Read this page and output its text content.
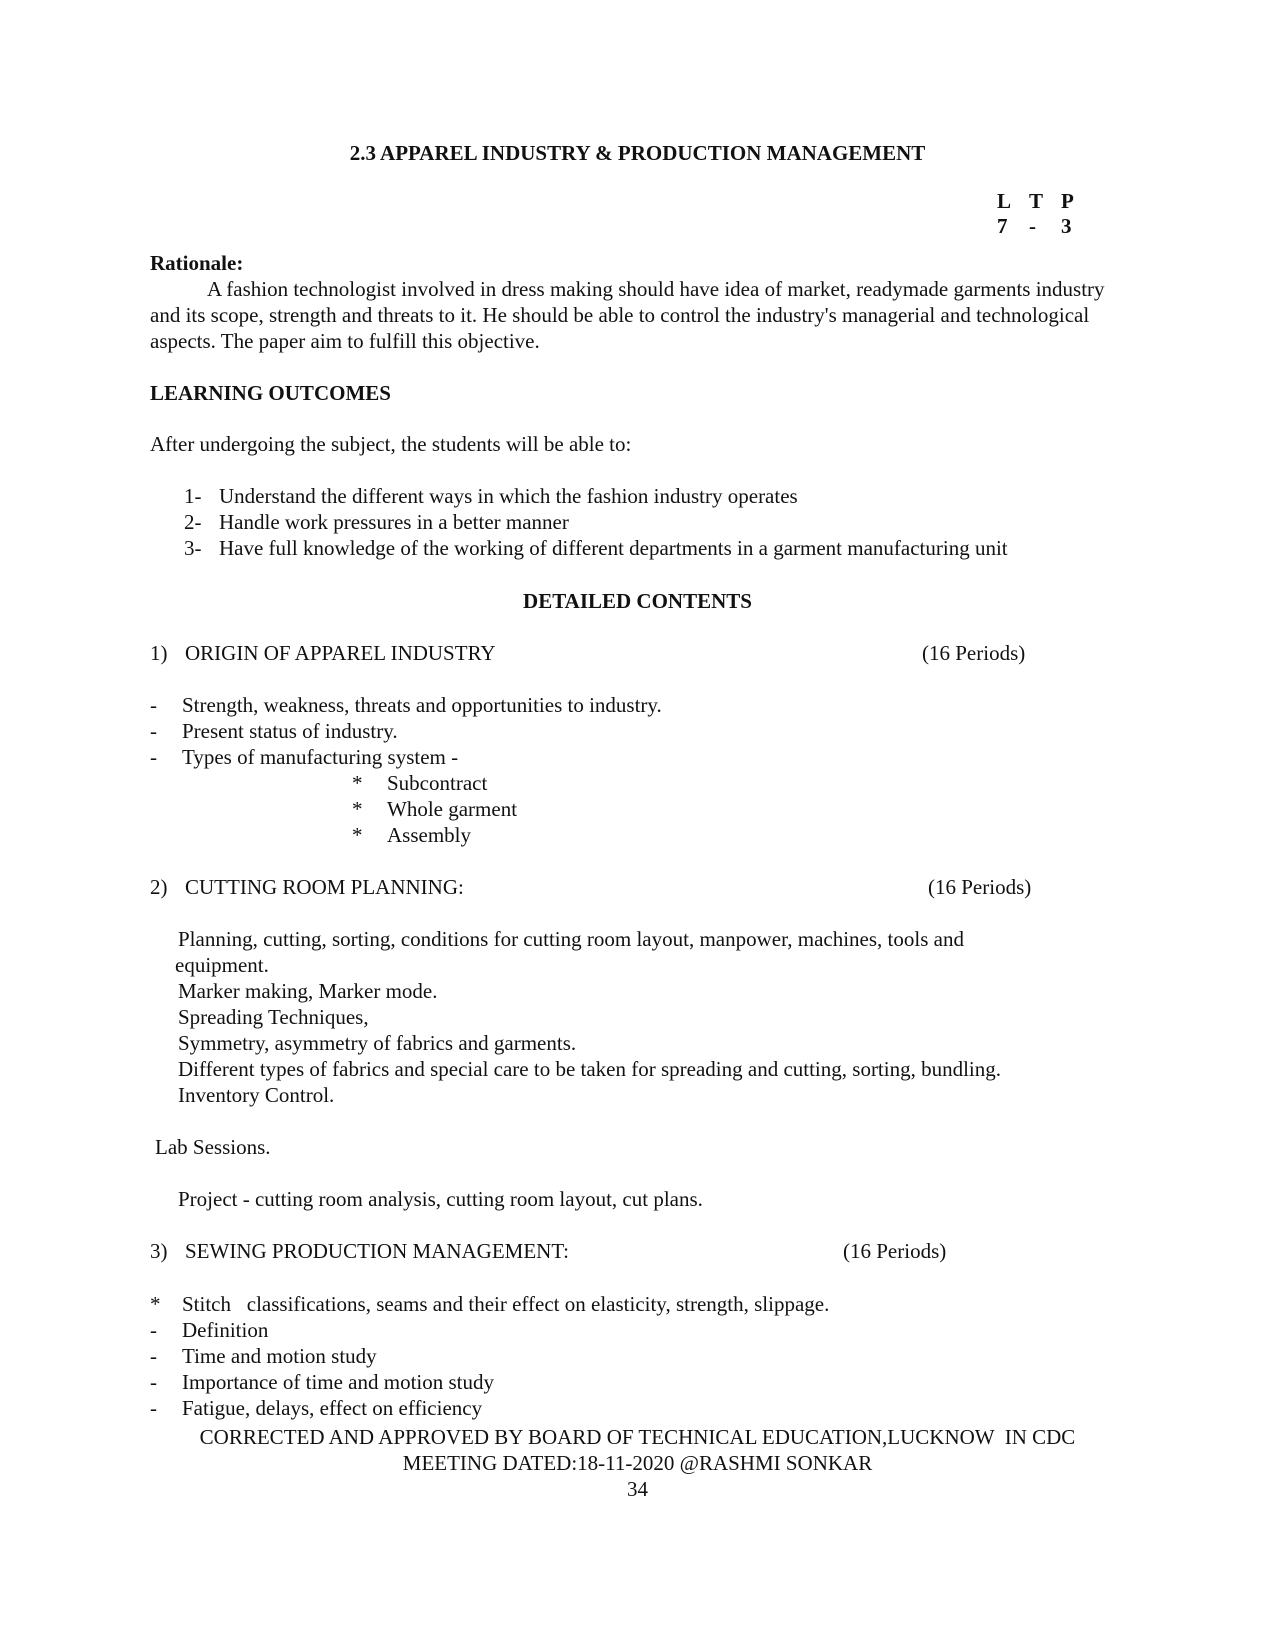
2.3 APPAREL INDUSTRY & PRODUCTION MANAGEMENT
L T P
7 - 3
Rationale:
A fashion technologist involved in dress making should have idea of market, readymade garments industry and its scope, strength and threats to it. He should be able to control the industry's managerial and technological aspects. The paper aim to fulfill this objective.
LEARNING OUTCOMES
After undergoing the subject, the students will be able to:
1- Understand the different ways in which the fashion industry operates
2- Handle work pressures in a better manner
3- Have full knowledge of the working of different departments in a garment manufacturing unit
DETAILED CONTENTS
1) ORIGIN OF APPAREL INDUSTRY	(16 Periods)
- Strength, weakness, threats and opportunities to industry.
- Present status of industry.
- Types of manufacturing system -
* Subcontract
* Whole garment
* Assembly
2) CUTTING ROOM PLANNING:	(16 Periods)
Planning, cutting, sorting, conditions for cutting room layout, manpower, machines, tools and
equipment.
Marker making, Marker mode.
Spreading Techniques,
Symmetry, asymmetry of fabrics and garments.
Different types of fabrics and special care to be taken for spreading and cutting, sorting, bundling.
Inventory Control.
Lab Sessions.
Project - cutting room analysis, cutting room layout, cut plans.
3) SEWING PRODUCTION MANAGEMENT:	(16 Periods)
* Stitch   classifications, seams and their effect on elasticity, strength, slippage.
- Definition
- Time and motion study
- Importance of time and motion study
- Fatigue, delays, effect on efficiency
CORRECTED AND APPROVED BY BOARD OF TECHNICAL EDUCATION,LUCKNOW  IN CDC
MEETING DATED:18-11-2020 @RASHMI SONKAR
34
